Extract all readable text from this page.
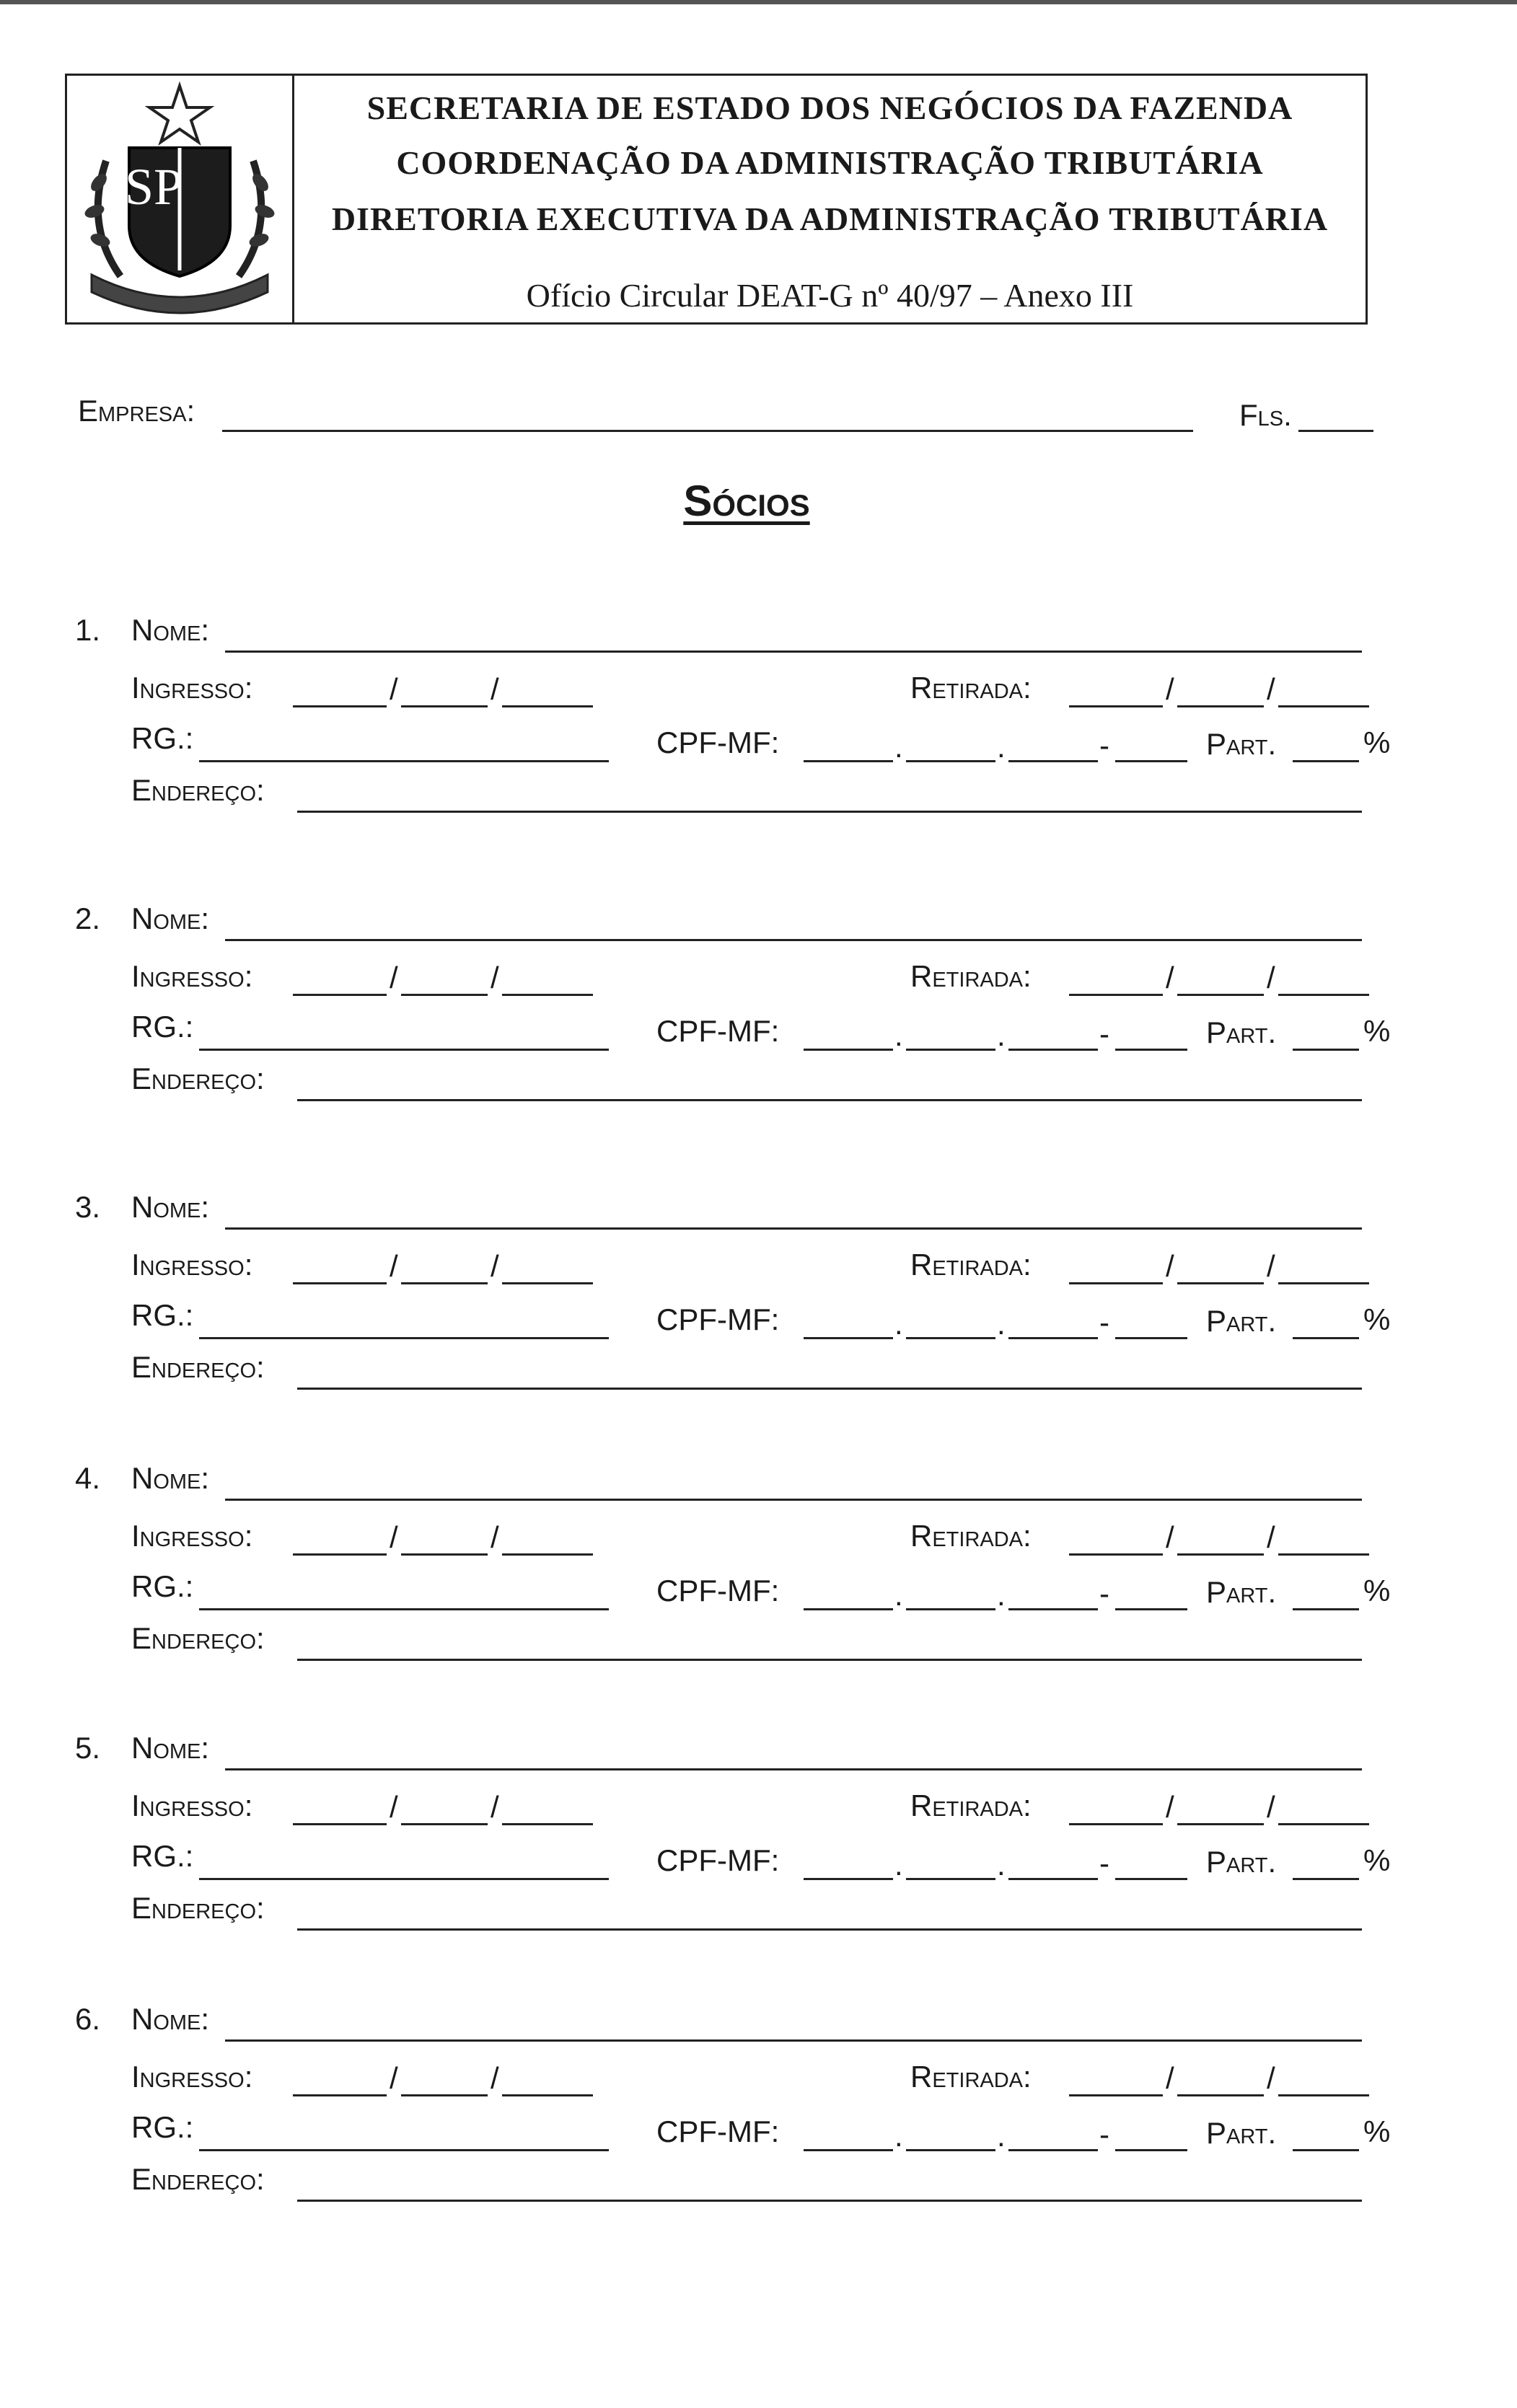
SP
SECRETARIA DE ESTADO DOS NEGÓCIOS DA FAZENDA
COORDENAÇÃO DA ADMINISTRAÇÃO TRIBUTÁRIA
DIRETORIA EXECUTIVA DA ADMINISTRAÇÃO TRIBUTÁRIA
Ofício Circular DEAT-G nº 40/97 – Anexo III
Empresa:	Fls.
Sócios
1. Nome:
Ingresso:	/	/	Retirada:	/	/
RG.:	CPF-MF:	.	.	-	Part.	%
Endereço:
2. Nome:
Ingresso:	/	/	Retirada:	/	/
RG.:	CPF-MF:	.	.	-	Part.	%
Endereço:
3. Nome:
Ingresso:	/	/	Retirada:	/	/
RG.:	CPF-MF:	.	.	-	Part.	%
Endereço:
4. Nome:
Ingresso:	/	/	Retirada:	/	/
RG.:	CPF-MF:	.	.	-	Part.	%
Endereço:
5. Nome:
Ingresso:	/	/	Retirada:	/	/
RG.:	CPF-MF:	.	.	-	Part.	%
Endereço:
6. Nome:
Ingresso:	/	/	Retirada:	/	/
RG.:	CPF-MF:	.	.	-	Part.	%
Endereço:
